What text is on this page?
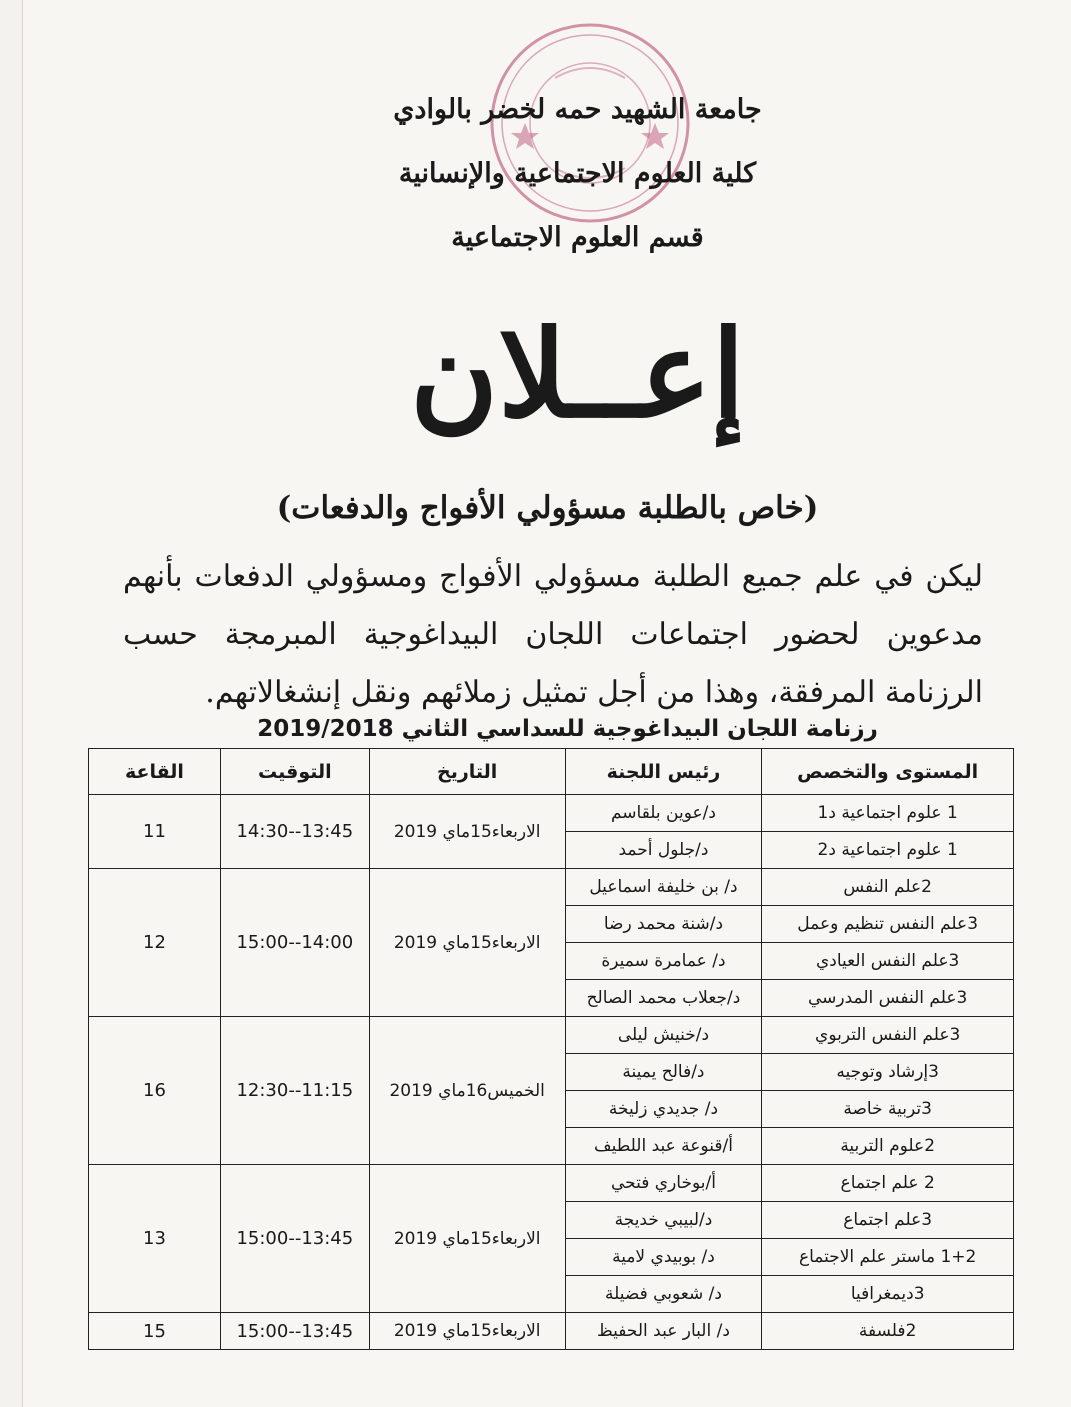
جامعة الشهيد حمه لخضر بالوادي
كلية العلوم الاجتماعية والإنسانية
قسم العلوم الاجتماعية
إعــلان
(خاص بالطلبة مسؤولي الأفواج والدفعات)
ليكن في علم جميع الطلبة مسؤولي الأفواج ومسؤولي الدفعات بأنهم مدعوين لحضور اجتماعات اللجان البيداغوجية المبرمجة حسب الرزنامة المرفقة، وهذا من أجل تمثيل زملائهم ونقل إنشغالاتهم.
رزنامة اللجان البيداغوجية للسداسي الثاني 2019/2018
المستوى والتخصص	رئيس اللجنة	التاريخ	التوقيت	القاعة
1 علوم اجتماعية د1	د/عوين بلقاسم	الاربعاء15ماي 2019	14:30--13:45	11
1 علوم اجتماعية د2	د/جلول أحمد			
2علم النفس	د/ بن خليفة اسماعيل	الاربعاء15ماي 2019	15:00--14:00	12
3علم النفس تنظيم وعمل	د/شنة محمد رضا			
3علم النفس العيادي	د/ عمامرة سميرة			
3علم النفس المدرسي	د/جعلاب محمد الصالح			
3علم النفس التربوي	د/خنيش ليلى	الخميس16ماي 2019	12:30--11:15	16
3إرشاد وتوجيه	د/فالح يمينة			
3تربية خاصة	د/ جديدي زليخة			
2علوم التربية	أ/قنوعة عبد اللطيف			
2 علم اجتماع	أ/بوخاري فتحي	الاربعاء15ماي 2019	15:00--13:45	13
3علم اجتماع	د/لبيبي خديجة			
1+2 ماستر علم الاجتماع	د/ بوبيدي لامية			
3ديمغرافيا	د/ شعوبي فضيلة			
2فلسفة	د/ البار عبد الحفيظ	الاربعاء15ماي 2019	15:00--13:45	15
